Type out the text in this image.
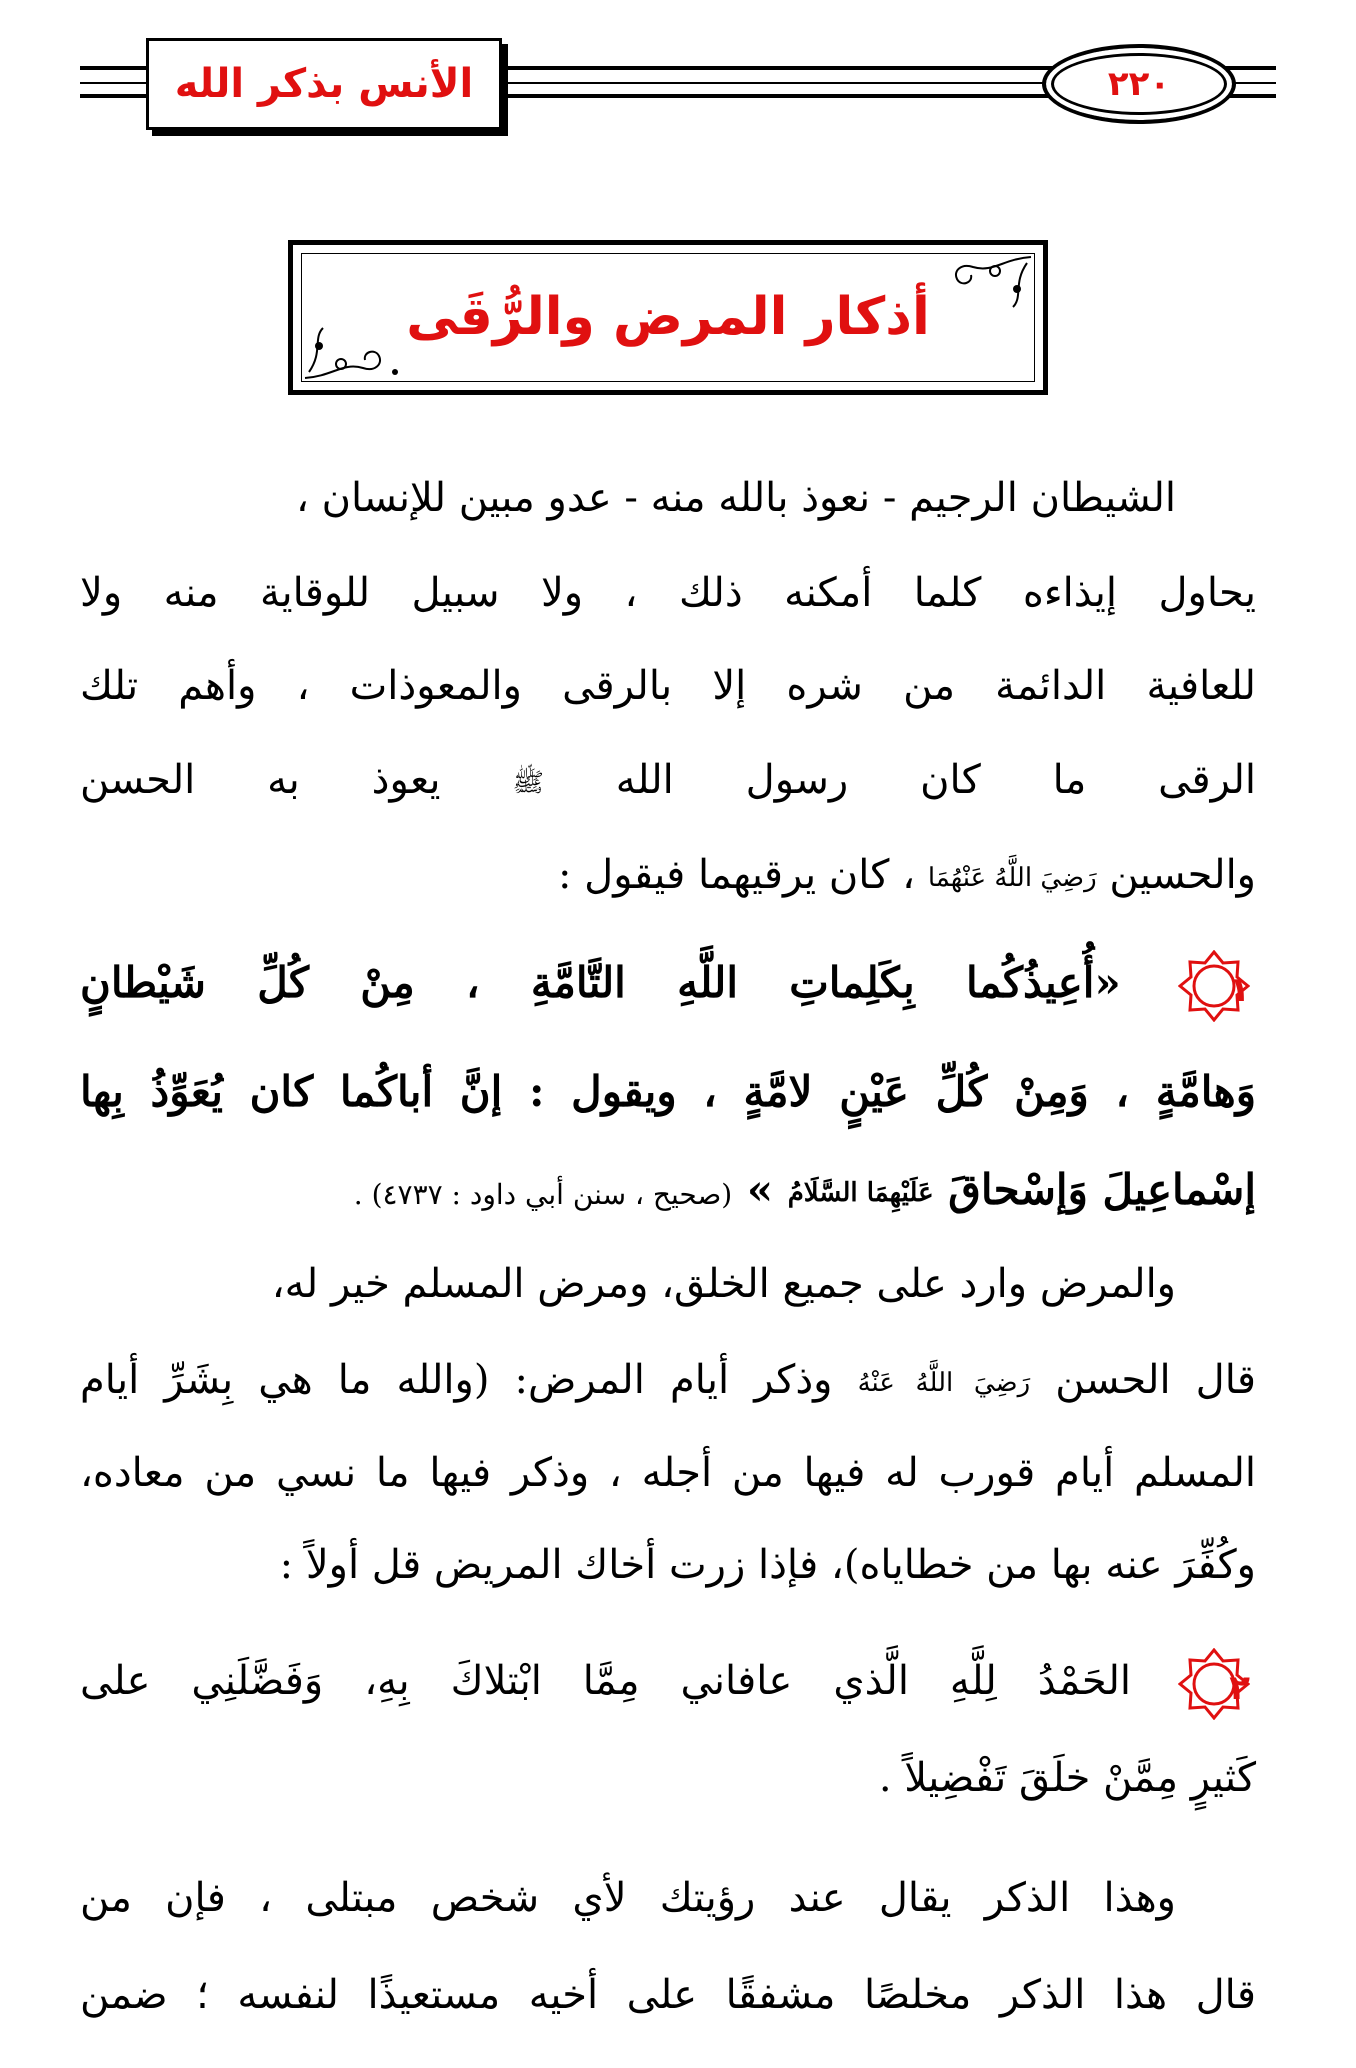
الأنس بذكر الله	٢٢٠
أذكار المرض والرُّقَى
الشيطان الرجيم - نعوذ بالله منه - عدو مبين للإنسان ،
يحاول إيذاءه كلما أمكنه ذلك ، ولا سبيل للوقاية منه ولا
للعافية الدائمة من شره إلا بالرقى والمعوذات ، وأهم تلك
الرقى ما كان رسول الله ﷺ يعوذ به الحسن
والحسين رَضِيَ اللَّهُ عَنْهُمَا ، كان يرقيهما فيقول :
١
«أُعِيذُكُما بِكَلِماتِ اللَّهِ التَّامَّةِ ، مِنْ كُلِّ شَيْطانٍ
وَهامَّةٍ ، وَمِنْ كُلِّ عَيْنٍ لامَّةٍ ، ويقول : إنَّ أباكُما كان يُعَوِّذُ بِها
إسْماعِيلَ وَإسْحاقَ عَلَيْهِمَا السَّلَامُ » (صحيح ، سنن أبي داود : ٤٧٣٧) .
والمرض وارد على جميع الخلق، ومرض المسلم خير له،
قال الحسن رَضِيَ اللَّهُ عَنْهُ وذكر أيام المرض: (والله ما هي بِشَرِّ أيام
المسلم أيام قورب له فيها من أجله ، وذكر فيها ما نسي من معاده،
وكُفِّرَ عنه بها من خطاياه)، فإذا زرت أخاك المريض قل أولاً :
٢
الحَمْدُ لِلَّهِ الَّذي عافاني مِمَّا ابْتلاكَ بِهِ، وَفَضَّلَنِي على
كَثيرٍ مِمَّنْ خلَقَ تَفْضِيلاً .
وهذا الذكر يقال عند رؤيتك لأي شخص مبتلى ، فإن من
قال هذا الذكر مخلصًا مشفقًا على أخيه مستعيذًا لنفسه ؛ ضمن
